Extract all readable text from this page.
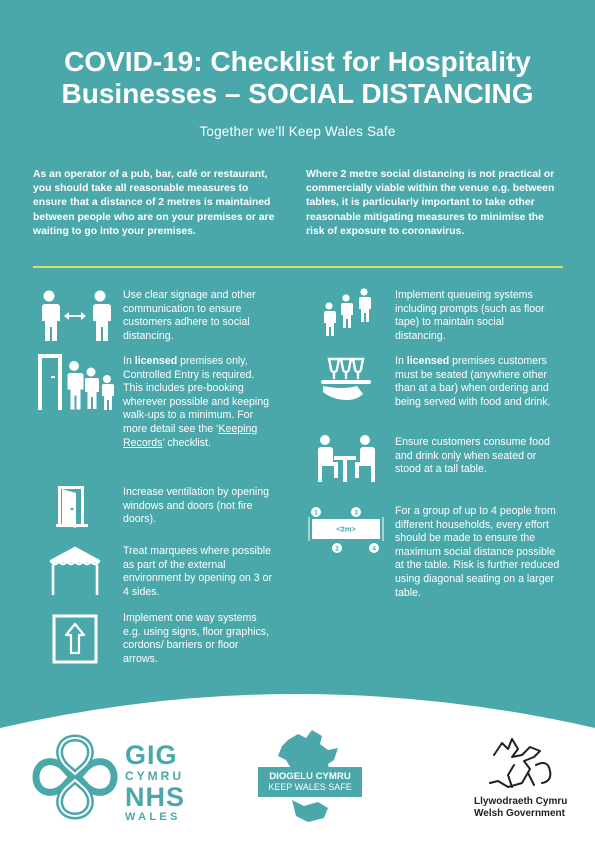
COVID-19: Checklist for Hospitality
Businesses – SOCIAL DISTANCING
Together we’ll Keep Wales Safe
As an operator of a pub, bar, café or restaurant, you should take all reasonable measures to ensure that a distance of 2 metres is maintained between people who are on your premises or are waiting to go into your premises.
Where 2 metre social distancing is not practical or commercially viable within the venue e.g. between tables, it is particularly important to take other reasonable mitigating measures to minimise the risk of exposure to coronavirus.
Use clear signage and other communication to ensure customers adhere to social distancing.
In licensed premises only, Controlled Entry is required. This includes pre-booking wherever possible and keeping walk-ups to a minimum. For more detail see the ‘Keeping Records’ checklist.
Increase ventilation by opening windows and doors (not fire doors).
Treat marquees where possible as part of the external environment by opening on 3 or 4 sides.
Implement one way systems e.g. using signs, floor graphics, cordons/ barriers or floor arrows.
Implement queueing systems including prompts (such as floor tape) to maintain social distancing.
In licensed premises customers must be seated (anywhere other than at a bar) when ordering and being served with food and drink.
Ensure customers consume food and drink only when seated or stood at a tall table.
1	3
2	4
<2m>
For a group of up to 4 people from different households, every effort should be made to ensure the maximum social distance possible at the table. Risk is further reduced using diagonal seating on a larger table.
GIG
CYMRU
NHS
WALES
DIOGELU CYMRU
KEEP WALES SAFE
Llywodraeth Cymru
Welsh Government
